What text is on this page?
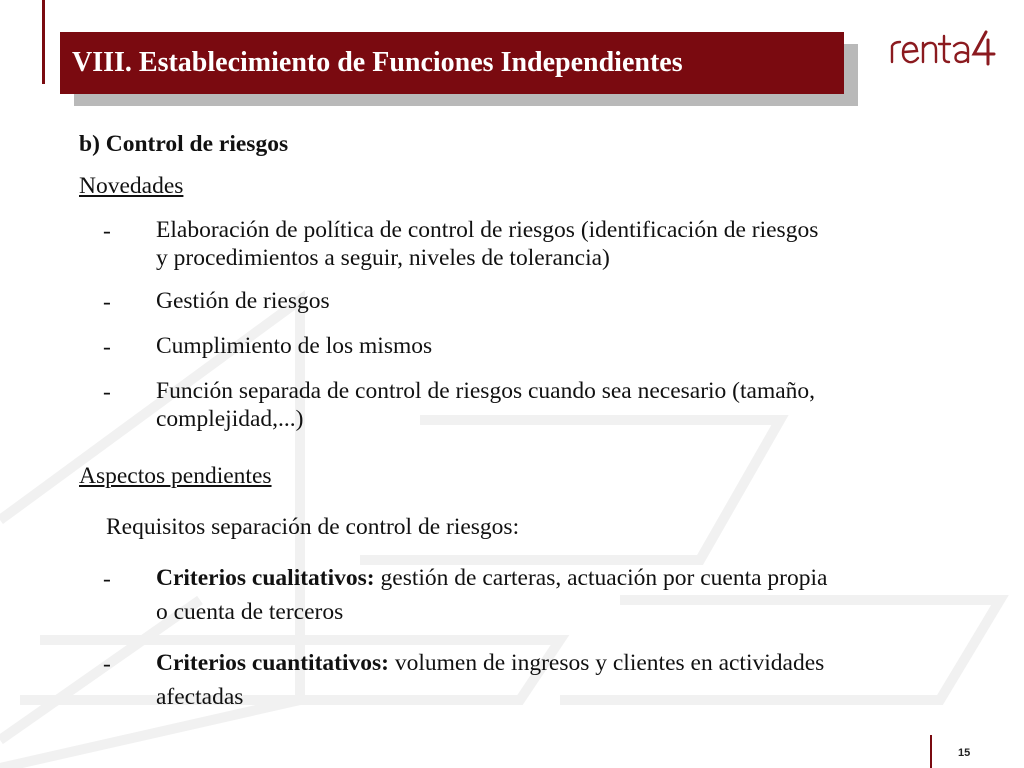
VIII. Establecimiento de Funciones Independientes
b) Control de riesgos
Novedades
- Elaboración de política de control de riesgos (identificación de riesgos
y procedimientos a seguir, niveles de tolerancia)
- Gestión de riesgos
- Cumplimiento de los mismos
- Función separada de control de riesgos cuando sea necesario (tamaño,
complejidad,...)
Aspectos pendientes
Requisitos separación de control de riesgos:
- Criterios cualitativos: gestión de carteras, actuación por cuenta propia
o cuenta de terceros
- Criterios cuantitativos: volumen de ingresos y clientes en actividades
afectadas
15
